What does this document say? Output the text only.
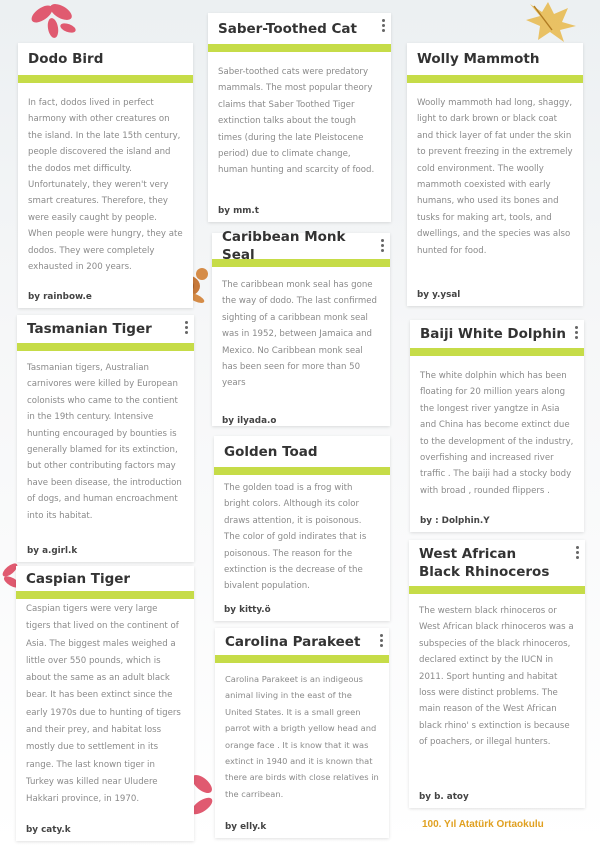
Dodo Bird
In fact, dodos lived in perfect harmony with other creatures on the island. In the late 15th century, people discovered the island and the dodos met difficulty. Unfortunately, they weren't very smart creatures. Therefore, they were easily caught by people. When people were hungry, they ate dodos. They were completely exhausted in 200 years.
by rainbow.e
Saber-Toothed Cat
Saber-toothed cats were predatory mammals. The most popular theory claims that Saber Toothed Tiger extinction talks about the tough times (during the late Pleistocene period) due to climate change, human hunting and scarcity of food.
by mm.t
Wolly Mammoth
Woolly mammoth had long, shaggy, light to dark brown or black coat and thick layer of fat under the skin to prevent freezing in the extremely cold environment. The woolly mammoth coexisted with early humans, who used its bones and tusks for making art, tools, and dwellings, and the species was also hunted for food.
by y.ysal
Caribbean Monk Seal
The caribbean monk seal has gone the way of dodo. The last confirmed sighting of a caribbean monk seal was in 1952, between Jamaica and Mexico. No Caribbean monk seal has been seen for more than 50 years
by ilyada.o
Tasmanian Tiger
Tasmanian tigers, Australian carnivores were killed by European colonists who came to the contient in the 19th century. Intensive hunting encouraged by bounties is generally blamed for its extinction, but other contributing factors may have been disease, the introduction of dogs, and human encroachment into its habitat.
by a.girl.k
Baiji White Dolphin
The white dolphin which has been floating for 20 million years along the longest river yangtze in Asia and China has become extinct due to the development of the industry, overfishing and increased river traffic . The baiji had a stocky body with broad , rounded flippers .
by : Dolphin.Y
Golden Toad
The golden toad is a frog with bright colors. Although its color draws attention, it is poisonous. The color of gold indirates that is poisonous. The reason for the extinction is the decrease of the bivalent population.
by kitty.ö
West African Black Rhinoceros
The western black rhinoceros or West African black rhinoceros was a subspecies of the black rhinoceros, declared extinct by the IUCN in 2011. Sport hunting and habitat loss were distinct problems. The main reason of the West African black rhino' s extinction is because of poachers, or illegal hunters.
by b. atoy
Caspian Tiger
Caspian tigers were very large tigers that lived on the continent of Asia. The biggest males weighed a little over 550 pounds, which is about the same as an adult black bear. It has been extinct since the early 1970s due to hunting of tigers and their prey, and habitat loss mostly due to settlement in its range. The last known tiger in Turkey was killed near Uludere Hakkari province, in 1970.
by caty.k
Carolina Parakeet
Carolina Parakeet is an indigeous animal living in the east of the United States. It is a small green parrot with a brigth yellow head and orange face . It is know that it was extinct in 1940 and it is known that there are birds with close relatives in the carribean.
by elly.k	100. Yıl Atatürk Ortaokulu
